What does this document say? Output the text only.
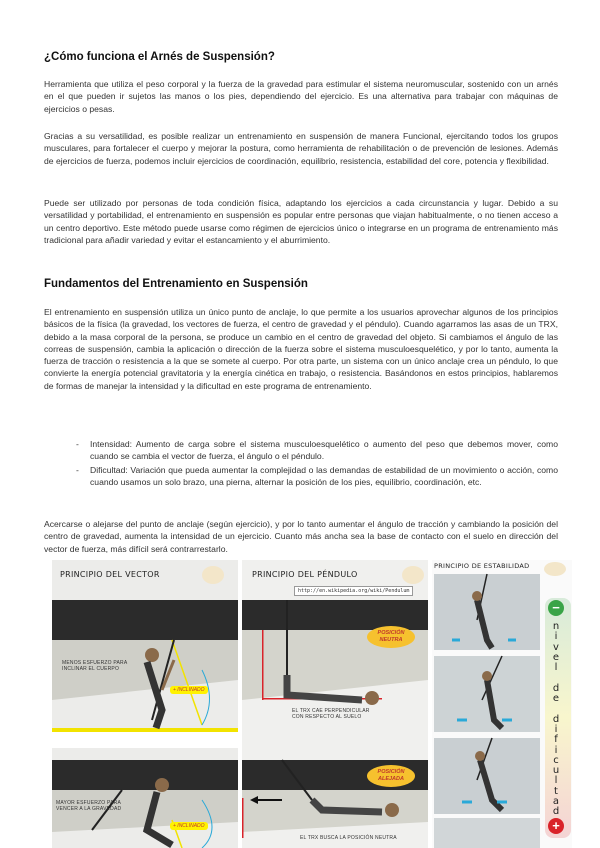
¿Cómo funciona el Arnés de Suspensión?
Herramienta que utiliza el peso corporal y la fuerza de la gravedad para estimular el sistema neuromuscular, sostenido con un arnés en el que pueden ir sujetos las manos o los pies, dependiendo del ejercicio. Es una alternativa para trabajar con máquinas de ejercicios o pesas.
Gracias a su versatilidad, es posible realizar un entrenamiento en suspensión de manera Funcional, ejercitando todos los grupos musculares, para fortalecer el cuerpo y mejorar la postura, como herramienta de rehabilitación o de prevención de lesiones. Además de ejercicios de fuerza, podemos incluir ejercicios de coordinación, equilibrio, resistencia, estabilidad del core, potencia y flexibilidad.
Puede ser utilizado por personas de toda condición física, adaptando los ejercicios a cada circunstancia y lugar. Debido a su versatilidad y portabilidad, el entrenamiento en suspensión es popular entre personas que viajan habitualmente, o no tienen acceso a un centro deportivo. Este método puede usarse como régimen de ejercicios único o integrarse en un programa de entrenamiento más tradicional para añadir variedad y evitar el estancamiento y el aburrimiento.
Fundamentos del Entrenamiento en Suspensión
El entrenamiento en suspensión utiliza un único punto de anclaje, lo que permite a los usuarios aprovechar algunos de los principios básicos de la física (la gravedad, los vectores de fuerza, el centro de gravedad y el péndulo). Cuando agarramos las asas de un TRX, debido a la masa corporal de la persona, se produce un cambio en el centro de gravedad del objeto. Si cambiamos el ángulo de las correas de suspensión, cambia la aplicación o dirección de la fuerza sobre el sistema musculoesquelético, y por lo tanto, aumenta la fuerza de tracción o resistencia a la que se somete al cuerpo. Por otra parte, un sistema con un único anclaje crea un péndulo, lo que convierte la energía potencial gravitatoria y la energía cinética en trabajo, o resistencia. Basándonos en estos principios, hablaremos de formas de manejar la intensidad y la dificultad en este programa de entrenamiento.
- Intensidad: Aumento de carga sobre el sistema musculoesquelético o aumento del peso que debemos mover, como cuando se cambia el vector de fuerza, el ángulo o el péndulo.
- Dificultad: Variación que pueda aumentar la complejidad o las demandas de estabilidad de un movimiento o acción, como cuando usamos un solo brazo, una pierna, alternar la posición de los pies, equilibrio, coordinación, etc.
Acercarse o alejarse del punto de anclaje (según ejercicio), y por lo tanto aumentar el ángulo de tracción y cambiando la posición del centro de gravedad, aumenta la intensidad de un ejercicio. Cuanto más ancha sea la base de contacto con el suelo en dirección del vector de fuerza, más difícil será contrarrestarlo.
PRINCIPIO DEL VECTOR
MENOS ESFUERZO PARA INCLINAR EL CUERPO
+ INCLINADO
MAYOR ESFUERZO PARA VENCER A LA GRAVEDAD
+ INCLINADO
PRINCIPIO DEL PÉNDULO
http://en.wikipedia.org/wiki/Pendulum
POSICIÓN NEUTRA
EL TRX CAE PERPENDICULAR CON RESPECTO AL SUELO
POSICIÓN ALEJADA
EL TRX BUSCA LA POSICIÓN NEUTRA
PRINCIPIO DE ESTABILIDAD
−
n
i
v
e
l
d
e
d
i
f
i
c
u
l
t
a
d
+
